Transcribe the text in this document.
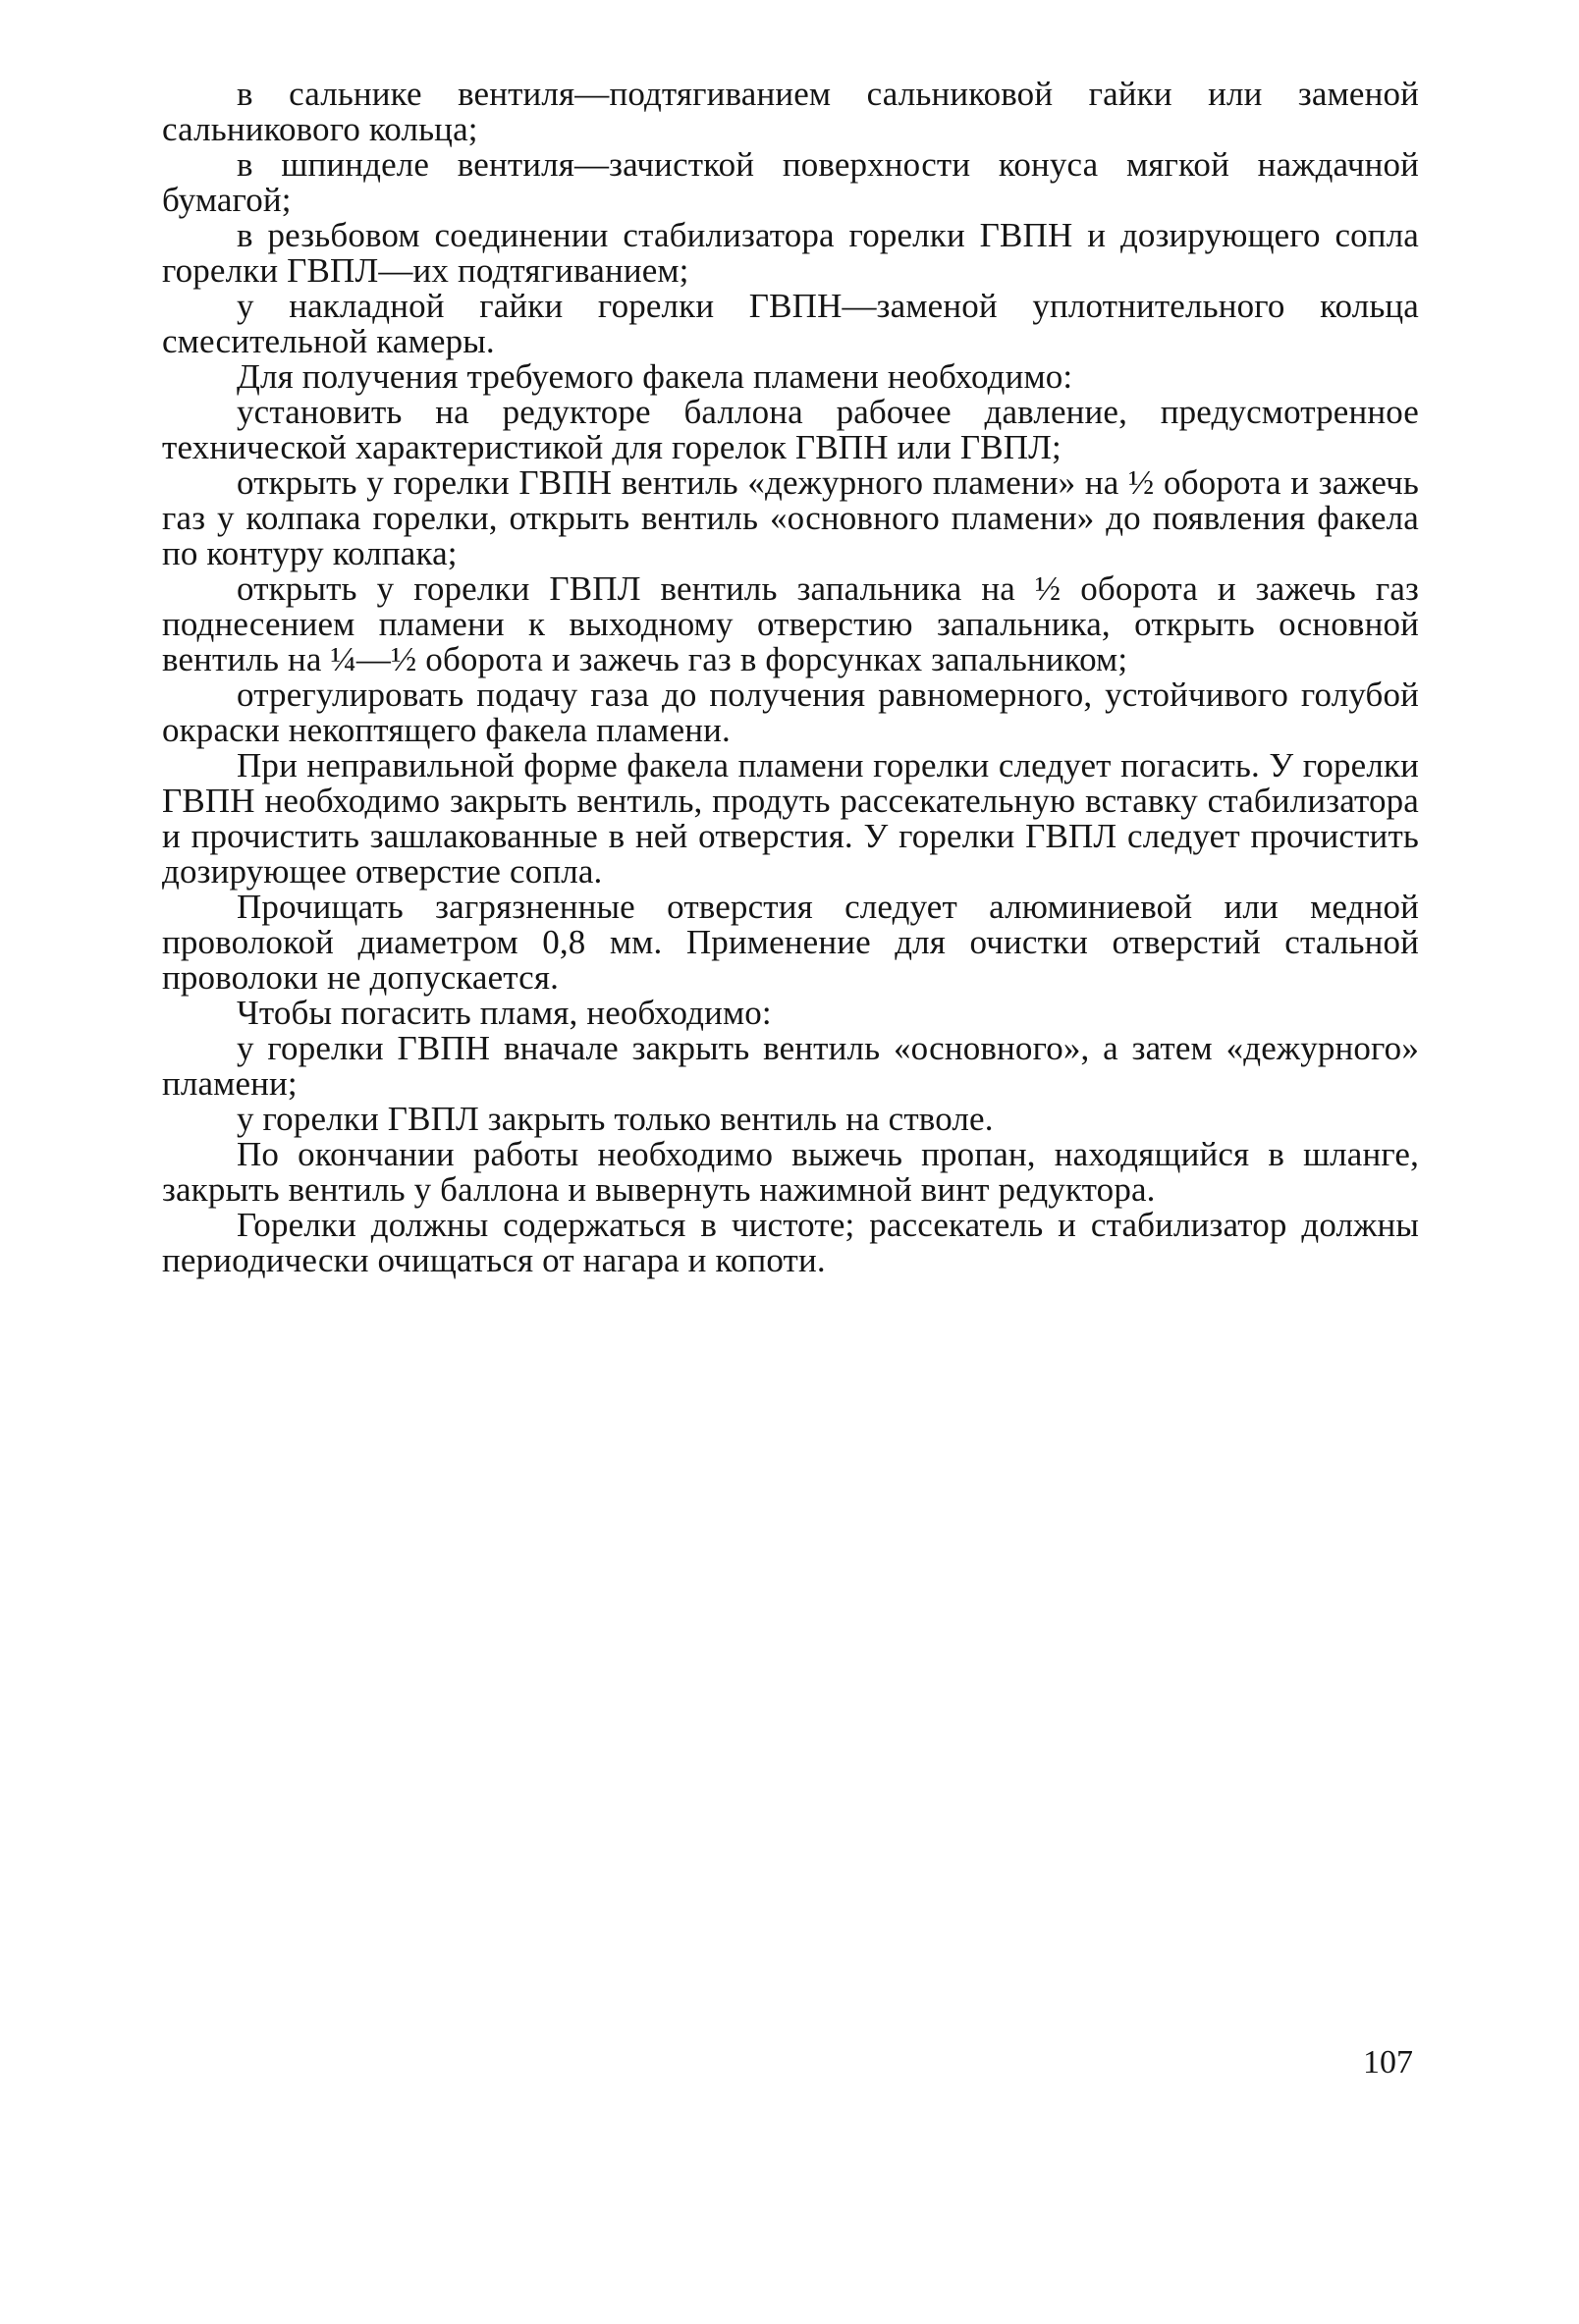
в сальнике вентиля—подтягиванием сальниковой гайки или заменой сальникового кольца;

в шпинделе вентиля—зачисткой поверхности конуса мягкой наждачной бумагой;

в резьбовом соединении стабилизатора горелки ГВПН и дозирующего сопла горелки ГВПЛ—их подтягиванием;

у накладной гайки горелки ГВПН—заменой уплотнительного кольца смесительной камеры.

Для получения требуемого факела пламени необходимо:

установить на редукторе баллона рабочее давление, предусмотренное технической характеристикой для горелок ГВПН или ГВПЛ;

открыть у горелки ГВПН вентиль «дежурного пламени» на ½ оборота и зажечь газ у колпака горелки, открыть вентиль «основного пламени» до появления факела по контуру колпака;

открыть у горелки ГВПЛ вентиль запальника на ½ оборота и зажечь газ поднесением пламени к выходному отверстию запальника, открыть основной вентиль на ¼—½ оборота и зажечь газ в форсунках запальником;

отрегулировать подачу газа до получения равномерного, устойчивого голубой окраски некоптящего факела пламени.

При неправильной форме факела пламени горелки следует погасить. У горелки ГВПН необходимо закрыть вентиль, продуть рассекательную вставку стабилизатора и прочистить зашлакованные в ней отверстия. У горелки ГВПЛ следует прочистить дозирующее отверстие сопла.

Прочищать загрязненные отверстия следует алюминиевой или медной проволокой диаметром 0,8 мм. Применение для очистки отверстий стальной проволоки не допускается.

Чтобы погасить пламя, необходимо:

у горелки ГВПН вначале закрыть вентиль «основного», а затем «дежурного» пламени;

у горелки ГВПЛ закрыть только вентиль на стволе.

По окончании работы необходимо выжечь пропан, находящийся в шланге, закрыть вентиль у баллона и вывернуть нажимной винт редуктора.

Горелки должны содержаться в чистоте; рассекатель и стабилизатор должны периодически очищаться от нагара и копоти.

107
